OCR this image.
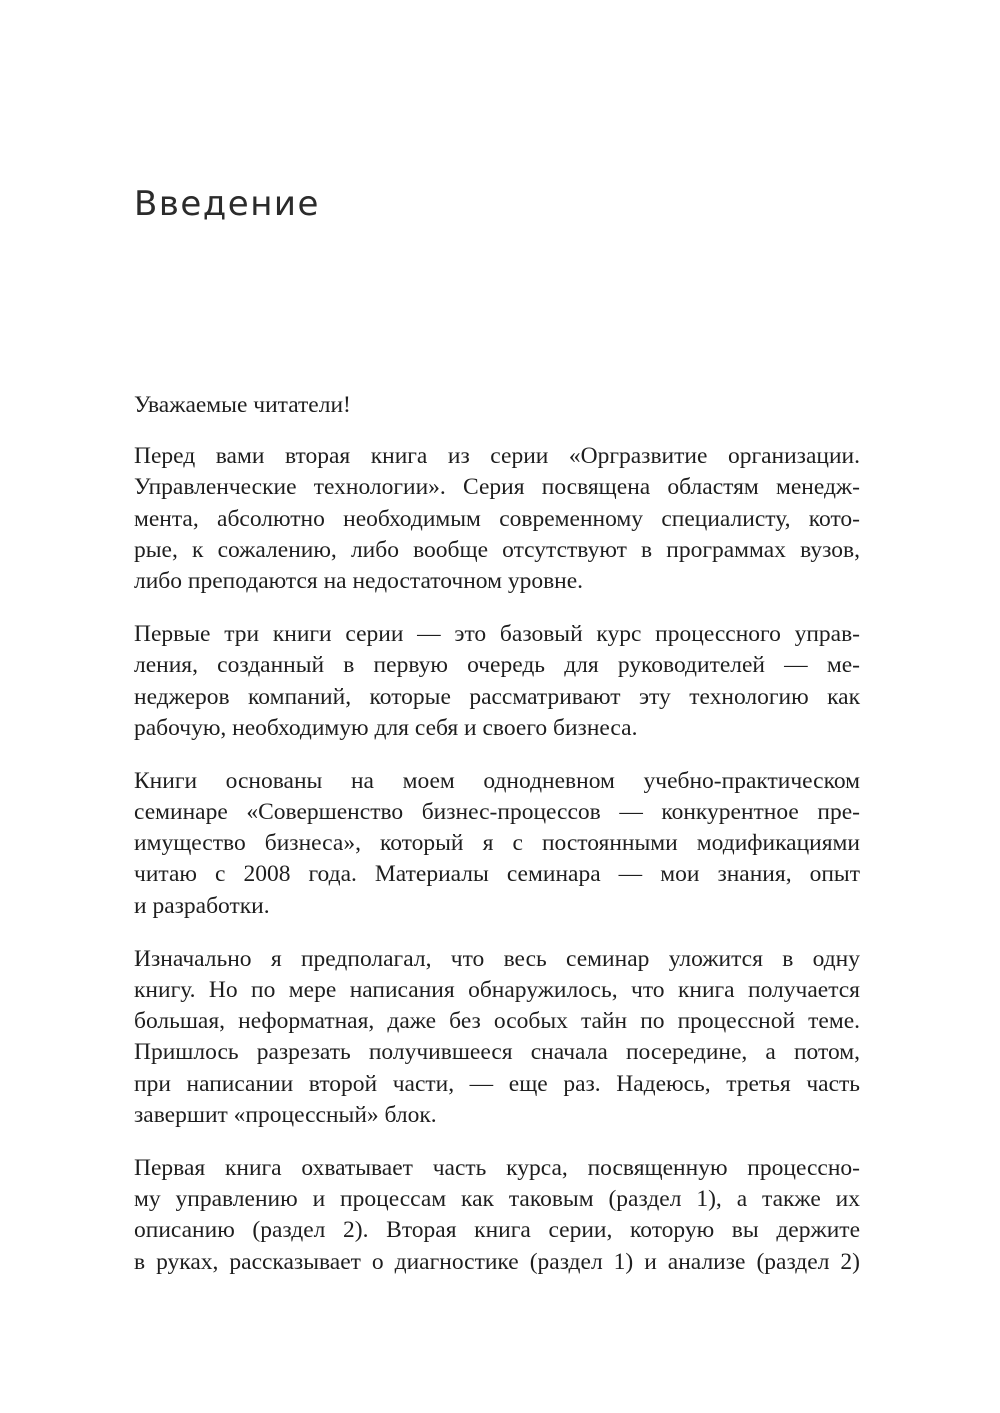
Введение

Уважаемые читатели!

Перед вами вторая книга из серии «Оргразвитие организации.
Управленческие технологии». Серия посвящена областям менедж-
мента, абсолютно необходимым современному специалисту, кото-
рые, к сожалению, либо вообще отсутствуют в программах вузов,
либо преподаются на недостаточном уровне.

Первые три книги серии — это базовый курс процессного управ-
ления, созданный в первую очередь для руководителей — ме-
неджеров компаний, которые рассматривают эту технологию как
рабочую, необходимую для себя и своего бизнеса.

Книги основаны на моем однодневном учебно-практическом
семинаре «Совершенство бизнес-процессов — конкурентное пре-
имущество бизнеса», который я с постоянными модификациями
читаю с 2008 года. Материалы семинара — мои знания, опыт
и разработки.

Изначально я предполагал, что весь семинар уложится в одну
книгу. Но по мере написания обнаружилось, что книга получается
большая, неформатная, даже без особых тайн по процессной теме.
Пришлось разрезать получившееся сначала посередине, а потом,
при написании второй части, — еще раз. Надеюсь, третья часть
завершит «процессный» блок.

Первая книга охватывает часть курса, посвященную процессно-
му управлению и процессам как таковым (раздел 1), а также их
описанию (раздел 2). Вторая книга серии, которую вы держите
в руках, рассказывает о диагностике (раздел 1) и анализе (раздел 2)
